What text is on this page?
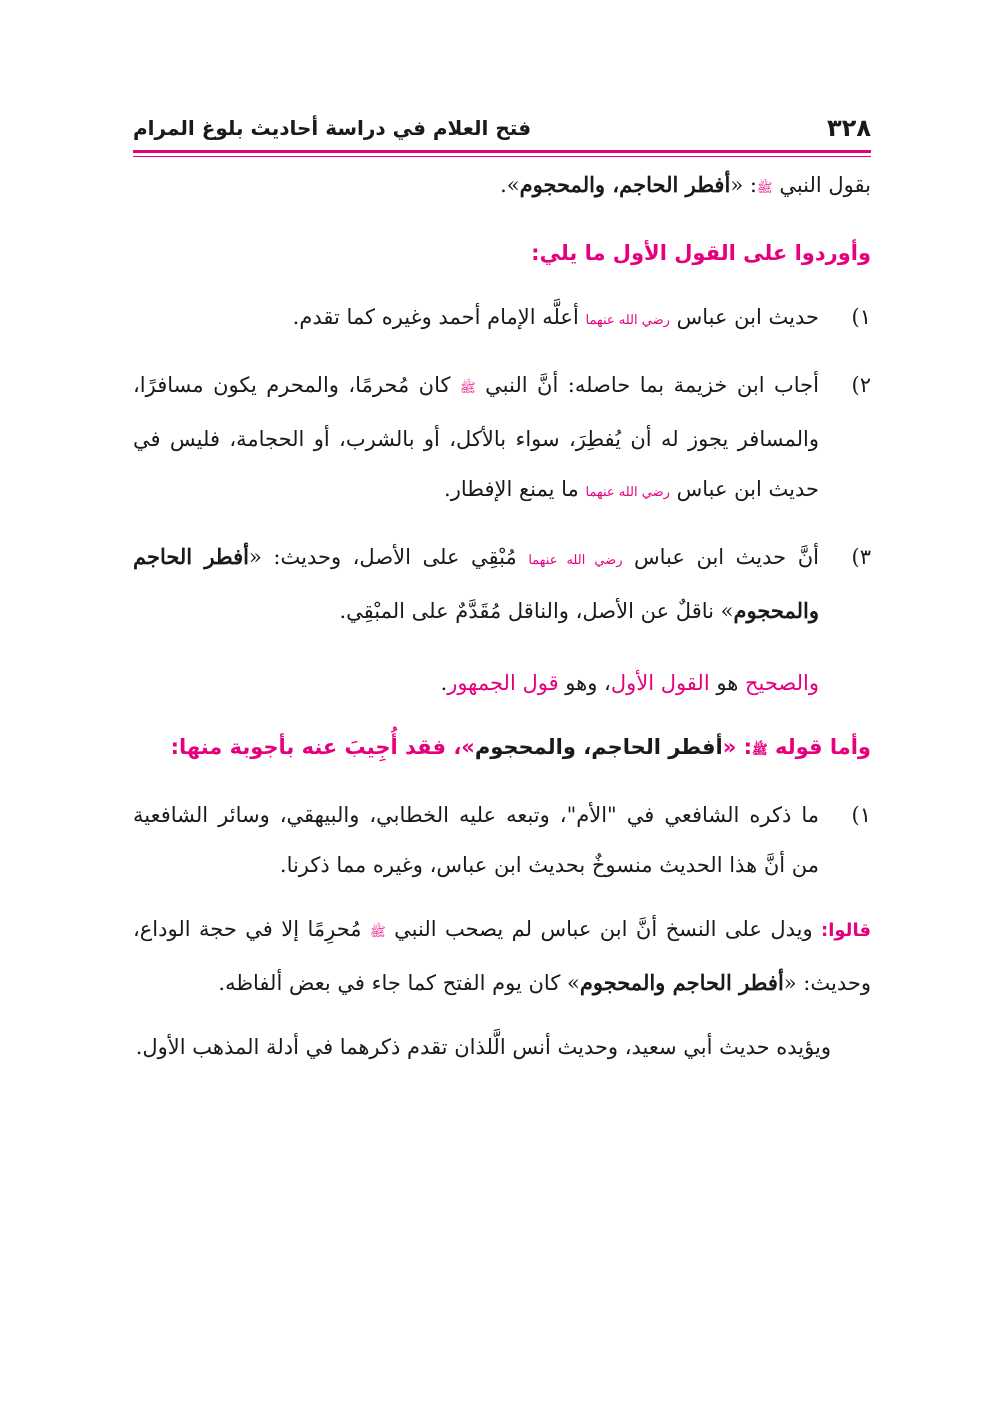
٣٢٨
فتح العلام في دراسة أحاديث بلوغ المرام

بقول النبي ﷺ: «أفطر الحاجم، والمحجوم».

وأوردوا على القول الأول ما يلي:

١)
حديث ابن عباس رضي الله عنهما أعلَّه الإمام أحمد وغيره كما تقدم.
٢)
أجاب ابن خزيمة بما حاصله: أنَّ النبي ﷺ كان مُحرمًا، والمحرم يكون مسافرًا، والمسافر يجوز له أن يُفطِرَ، سواء بالأكل، أو بالشرب، أو الحجامة، فليس في حديث ابن عباس رضي الله عنهما ما يمنع الإفطار.
٣)
أنَّ حديث ابن عباس رضي الله عنهما مُبْقِي على الأصل، وحديث: «أفطر الحاجم والمحجوم» ناقلٌ عن الأصل، والناقل مُقَدَّمٌ على المبْقِي.

والصحيح هو القول الأول، وهو قول الجمهور.

وأما قوله ﷺ: «أفطر الحاجم، والمحجوم»، فقد أُجِيبَ عنه بأجوبة منها:

١)
ما ذكره الشافعي في "الأم"، وتبعه عليه الخطابي، والبيهقي، وسائر الشافعية من أنَّ هذا الحديث منسوخٌ بحديث ابن عباس، وغيره مما ذكرنا.

قالوا: ويدل على النسخ أنَّ ابن عباس لم يصحب النبي ﷺ مُحرِمًا إلا في حجة الوداع، وحديث: «أفطر الحاجم والمحجوم» كان يوم الفتح كما جاء في بعض ألفاظه.

ويؤيده حديث أبي سعيد، وحديث أنس الَّلذان تقدم ذكرهما في أدلة المذهب الأول.
